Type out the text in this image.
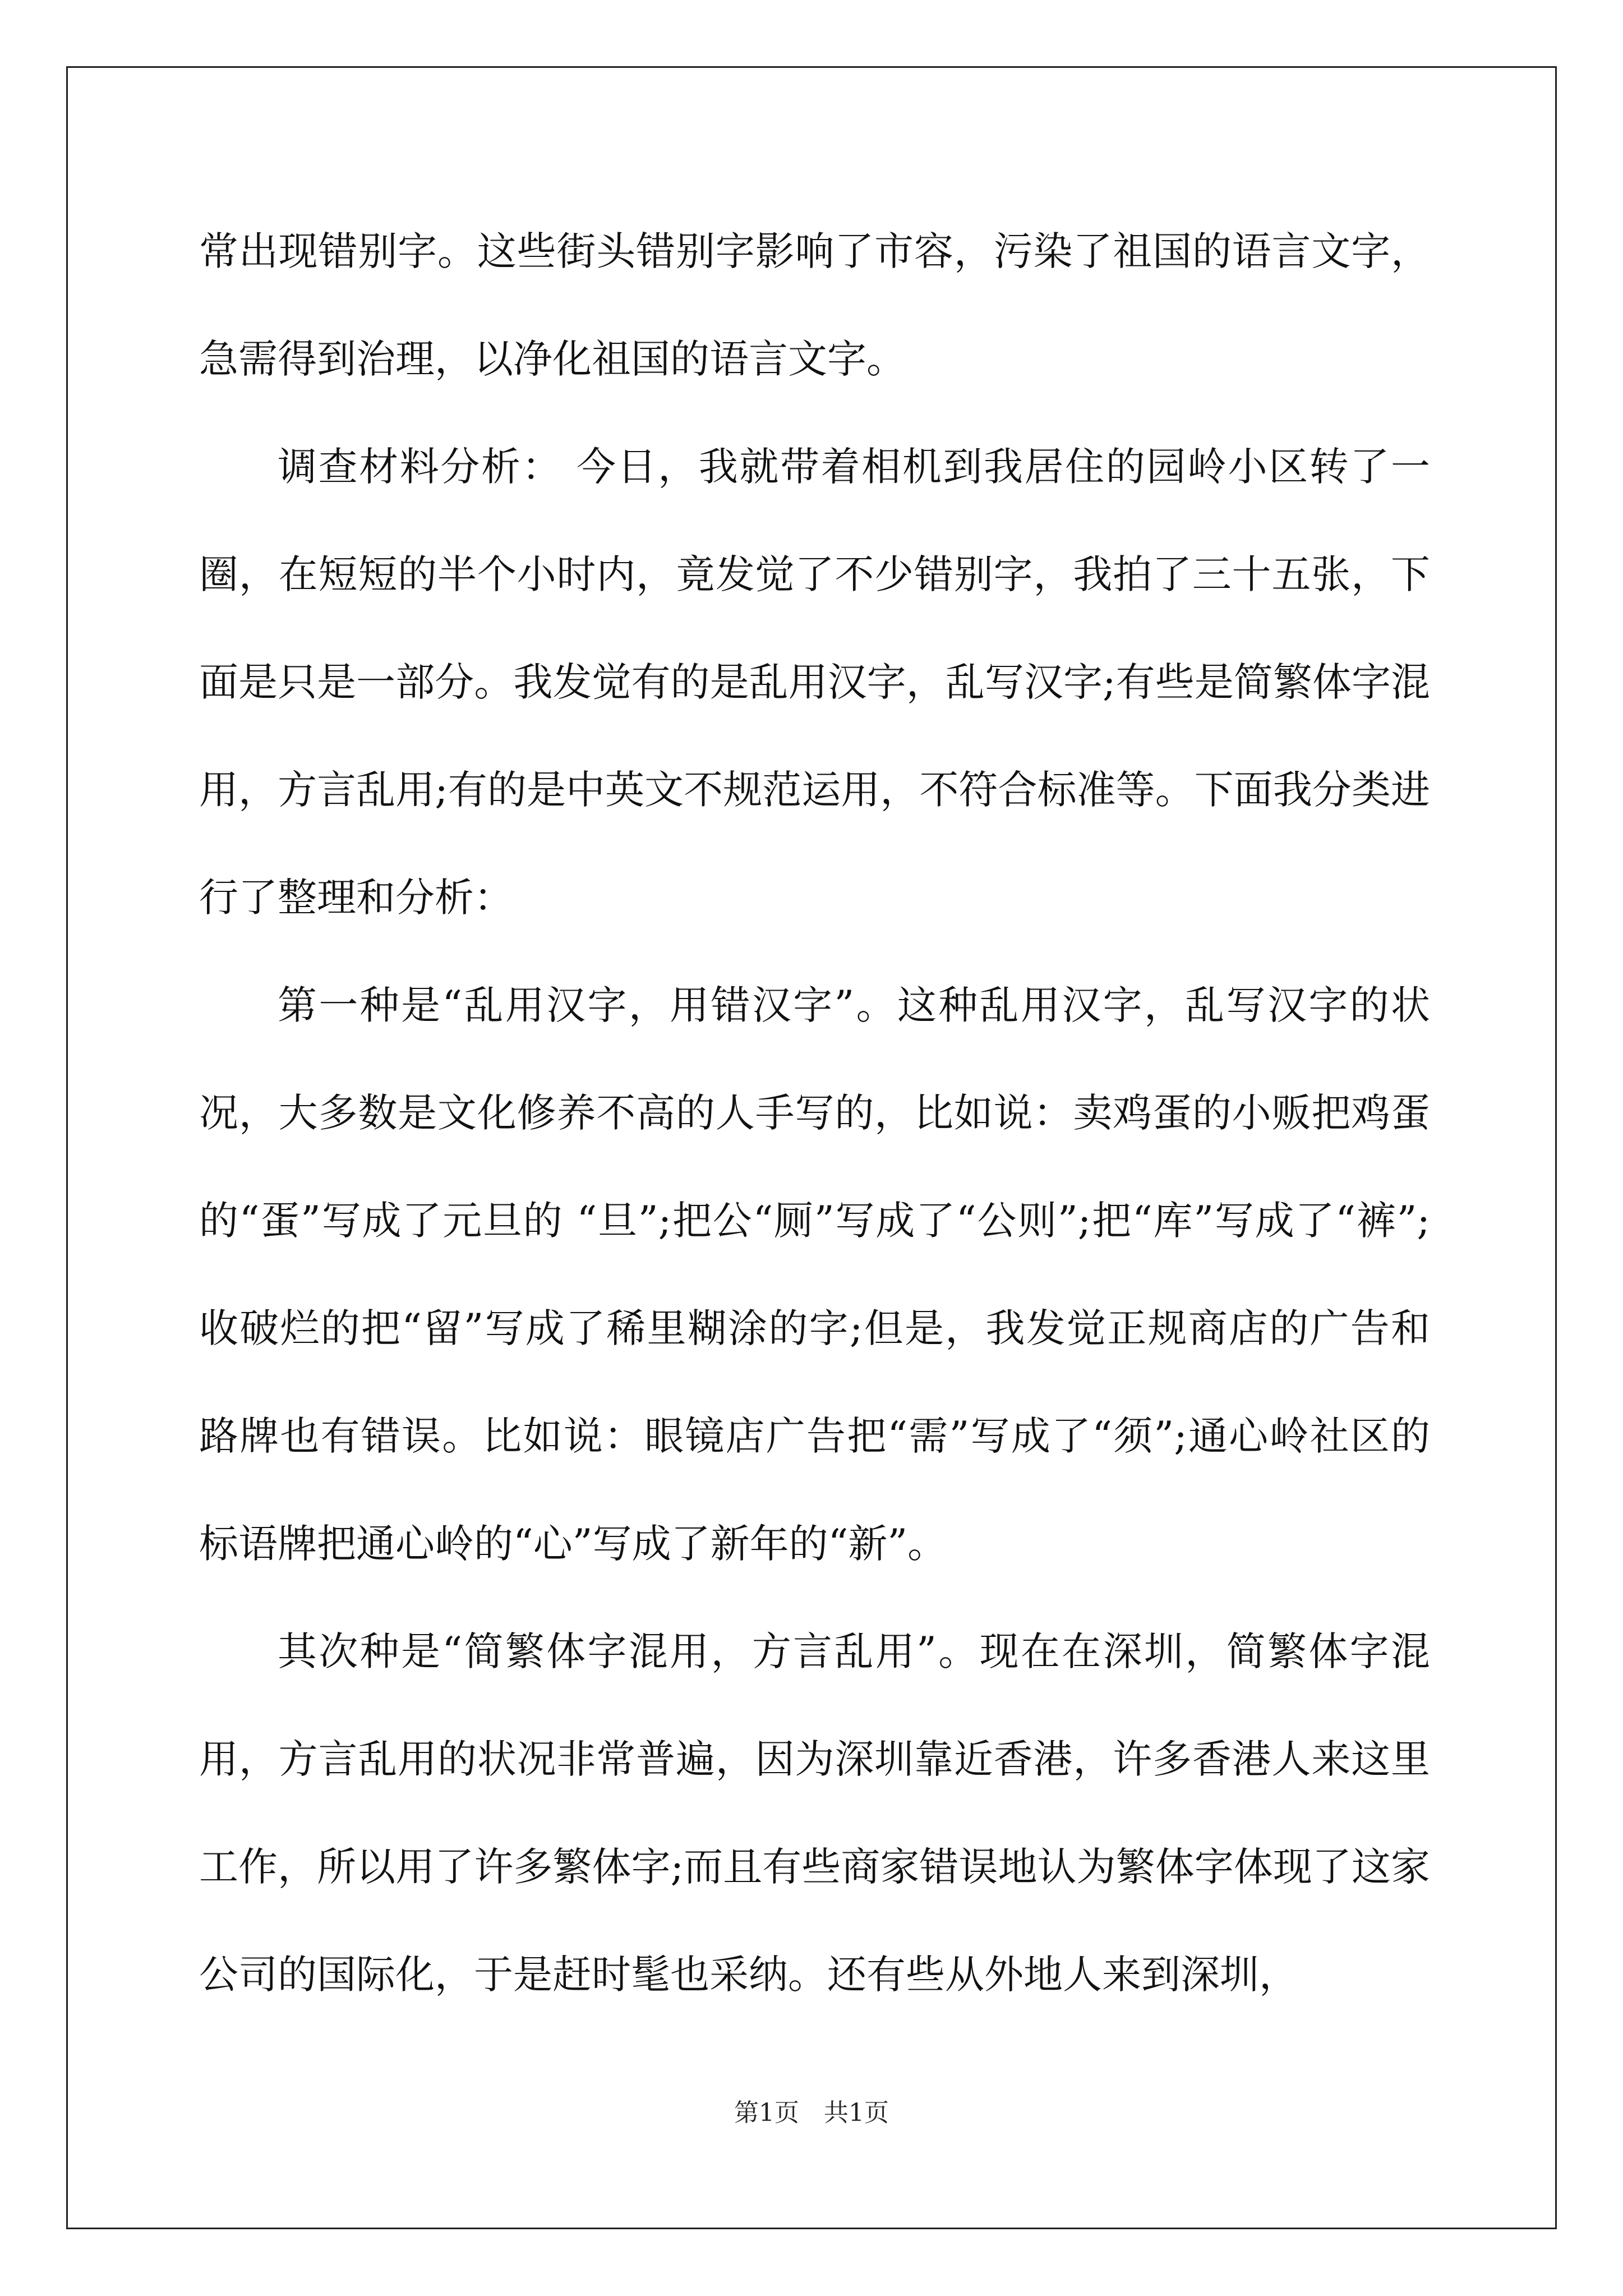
常出现错别字。这些街头错别字影响了市容，污染了祖国的语言文字，急需得到治理，以净化祖国的语言文字。

调查材料分析： 今日，我就带着相机到我居住的园岭小区转了一圈，在短短的半个小时内，竟发觉了不少错别字，我拍了三十五张，下面是只是一部分。我发觉有的是乱用汉字，乱写汉字;有些是简繁体字混用，方言乱用;有的是中英文不规范运用，不符合标准等。下面我分类进行了整理和分析：

第一种是“乱用汉字，用错汉字”。这种乱用汉字，乱写汉字的状况，大多数是文化修养不高的人手写的，比如说：卖鸡蛋的小贩把鸡蛋的“蛋”写成了元旦的 “旦”;把公“厕”写成了“公则”;把“库”写成了“裤”;收破烂的把“留”写成了稀里糊涂的字;但是，我发觉正规商店的广告和路牌也有错误。比如说：眼镜店广告把“需”写成了“须”;通心岭社区的标语牌把通心岭的“心”写成了新年的“新”。

其次种是“简繁体字混用，方言乱用”。现在在深圳，简繁体字混用，方言乱用的状况非常普遍，因为深圳靠近香港，许多香港人来这里工作，所以用了许多繁体字;而且有些商家错误地认为繁体字体现了这家公司的国际化，于是赶时髦也采纳。还有些从外地人来到深圳，

第1页　共1页
